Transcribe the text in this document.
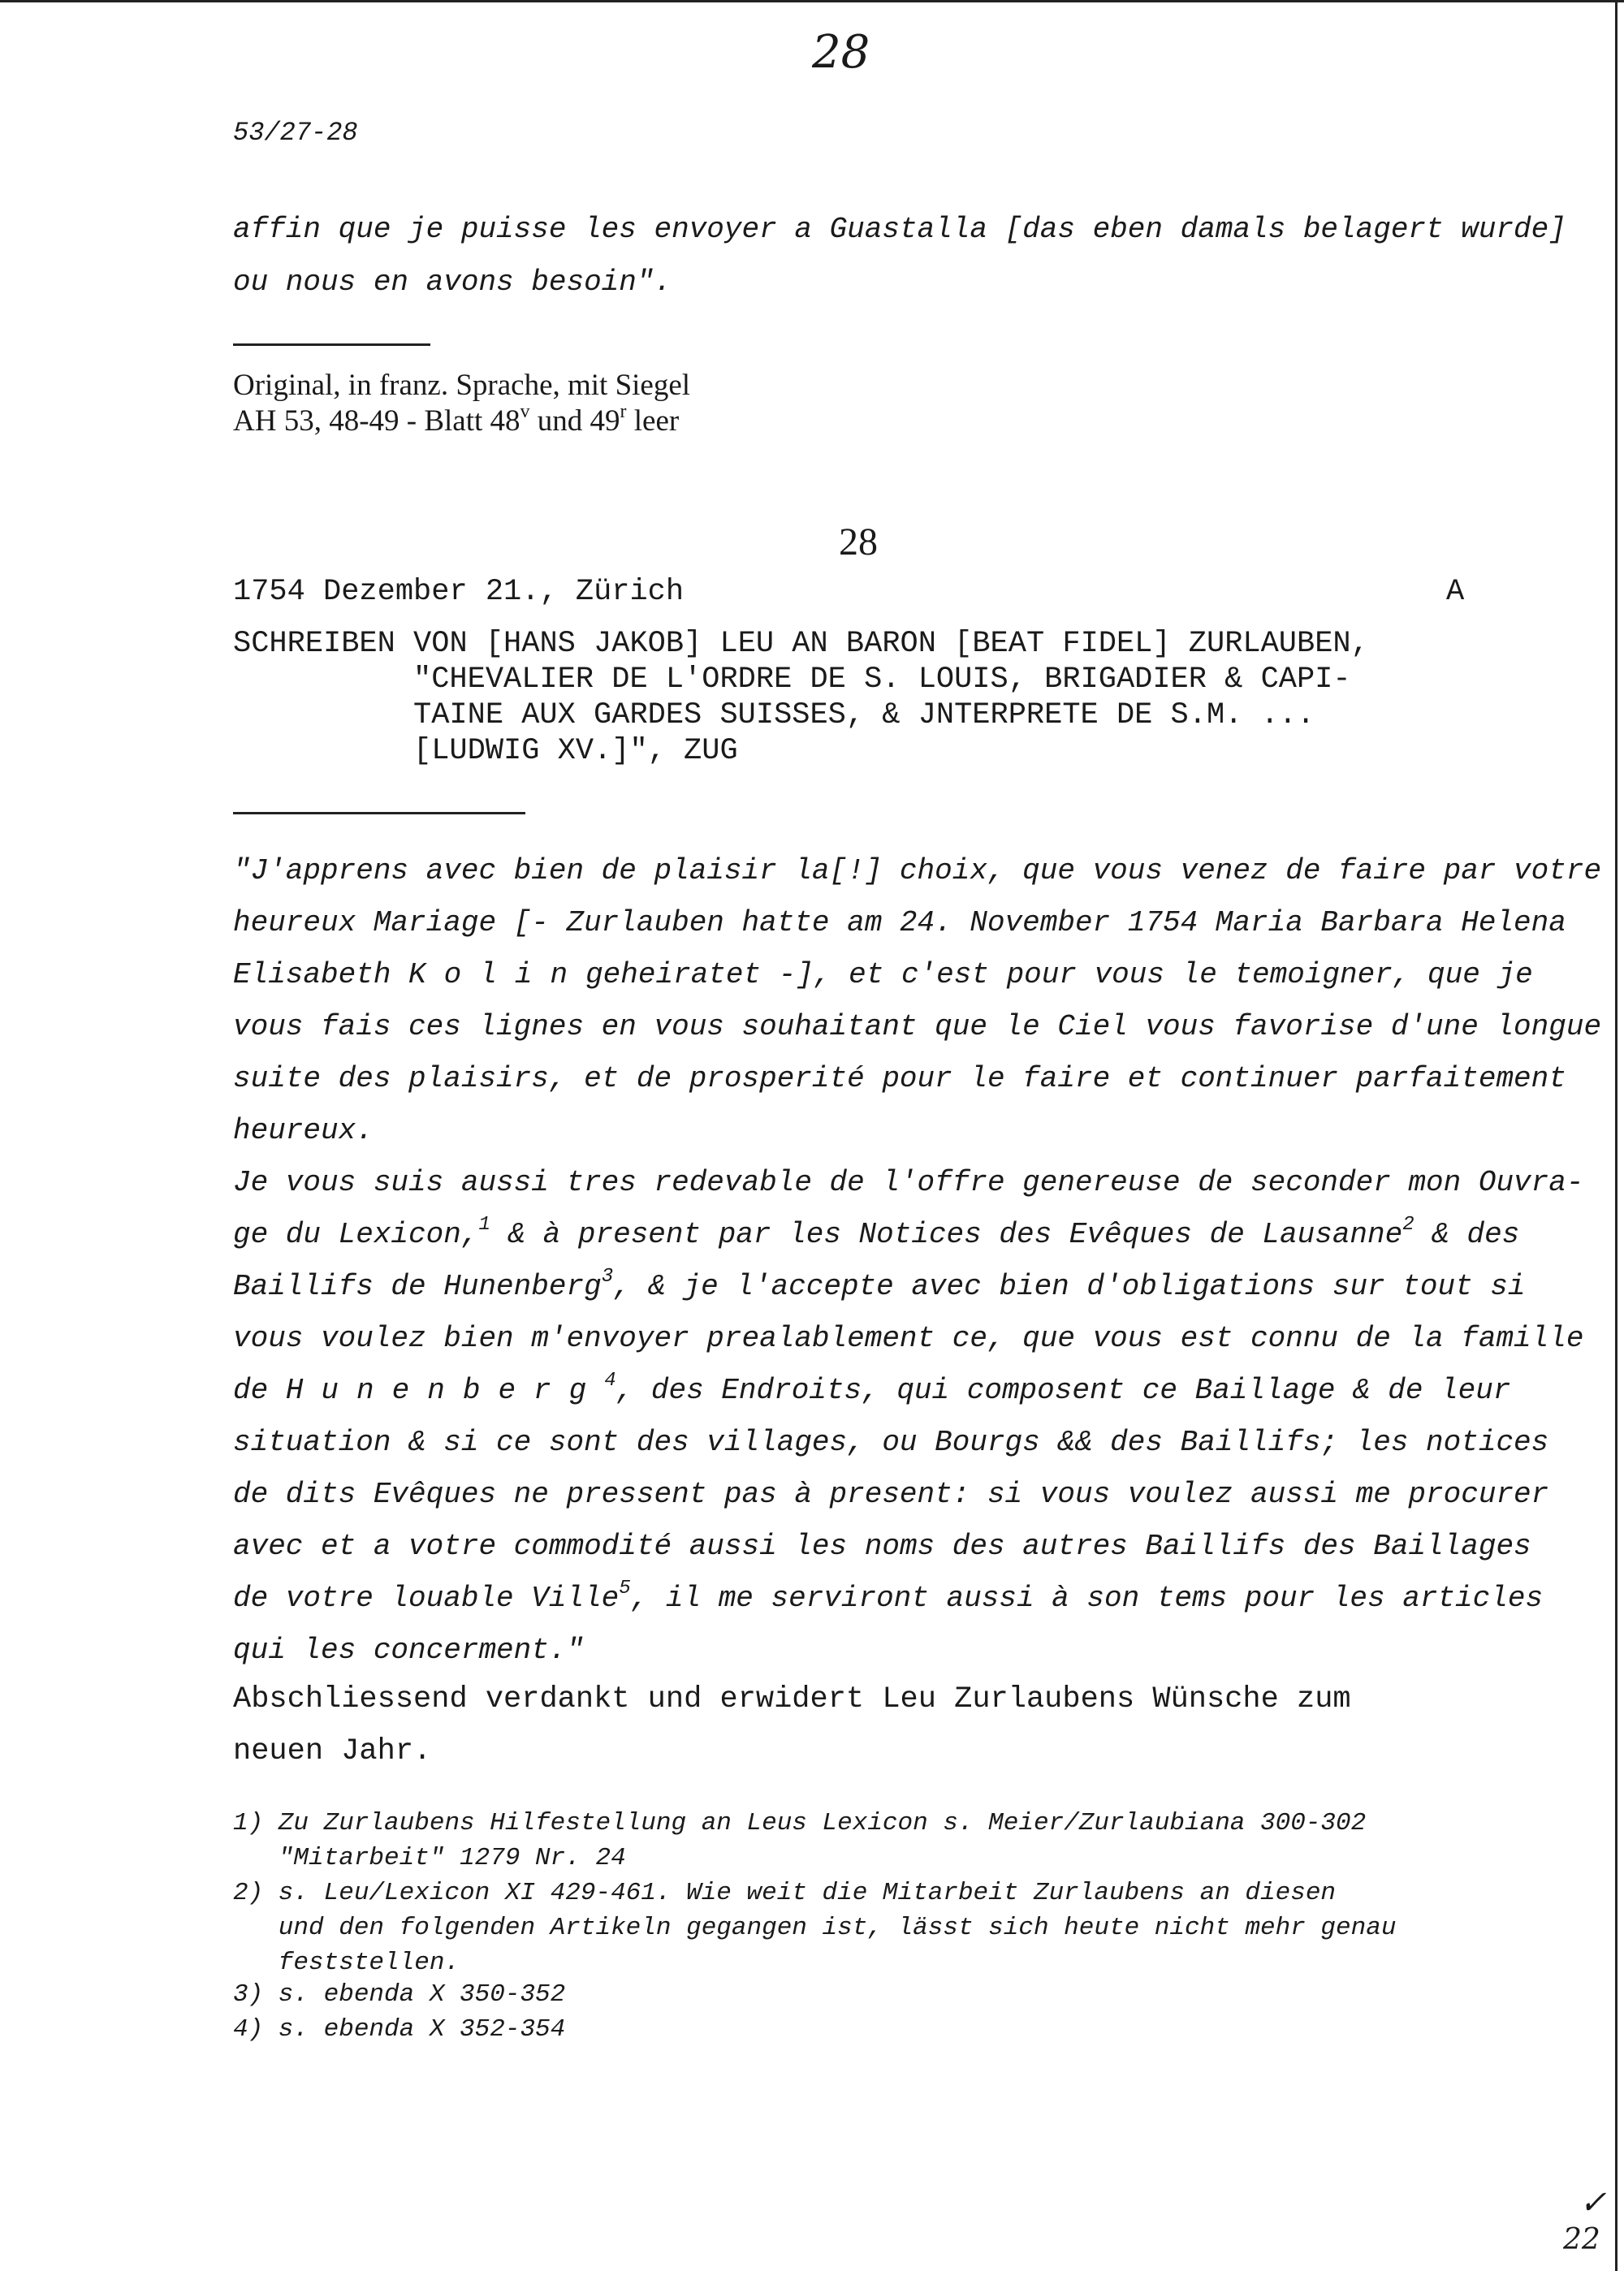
28
53/27-28
affin que je puisse les envoyer a Guastalla [das eben damals belagert wurde]
ou nous en avons besoin".
Original, in franz. Sprache, mit Siegel
AH 53, 48-49 - Blatt 48$^v$ und 49$^r$ leer
28
1754 Dezember 21., Zürich	A
SCHREIBEN VON [HANS JAKOB] LEU AN BARON [BEAT FIDEL] ZURLAUBEN,
"CHEVALIER DE L'ORDRE DE S. LOUIS, BRIGADIER & CAPI-
TAINE AUX GARDES SUISSES, & JNTERPRETE DE S.M. ...
[LUDWIG XV.]", ZUG
"J'apprens avec bien de plaisir la[!] choix, que vous venez de faire par votre
heureux Mariage [- Zurlauben hatte am 24. November 1754 Maria Barbara Helena
Elisabeth Kolingeheiratet -], et c'est pour vous le temoigner, que je
vous fais ces lignes en vous souhaitant que le Ciel vous favorise d'une longue
suite des plaisirs, et de prosperité pour le faire et continuer parfaitement
heureux.
Je vous suis aussi tres redevable de l'offre genereuse de seconder mon Ouvra-
ge du Lexicon,$^1$ & à present par les Notices des Evêques de Lausanne$^2$ & des
Baillifs de Hunenberg$^3$, & je l'accepte avec bien d'obligations sur tout si
vous voulez bien m'envoyer prealablement ce, que vous est connu de la famille
de Hunenberg$^4$, des Endroits, qui composent ce Baillage & de leur
situation & si ce sont des villages, ou Bourgs && des Baillifs; les notices
de dits Evêques ne pressent pas à present: si vous voulez aussi me procurer
avec et a votre commodité aussi les noms des autres Baillifs des Baillages
de votre louable Ville$^5$, il me serviront aussi à son tems pour les articles
qui les concerment."
Abschliessend verdankt und erwidert Leu Zurlaubens Wünsche zum
neuen Jahr.
1) Zu Zurlaubens Hilfestellung an Leus Lexicon s. Meier/Zurlaubiana 300-302
"Mitarbeit" 1279 Nr. 24
2) s. Leu/Lexicon XI 429-461. Wie weit die Mitarbeit Zurlaubens an diesen
und den folgenden Artikeln gegangen ist, lässt sich heute nicht mehr genau
feststellen.
3) s. ebenda X 350-352
4) s. ebenda X 352-354
✓
22
